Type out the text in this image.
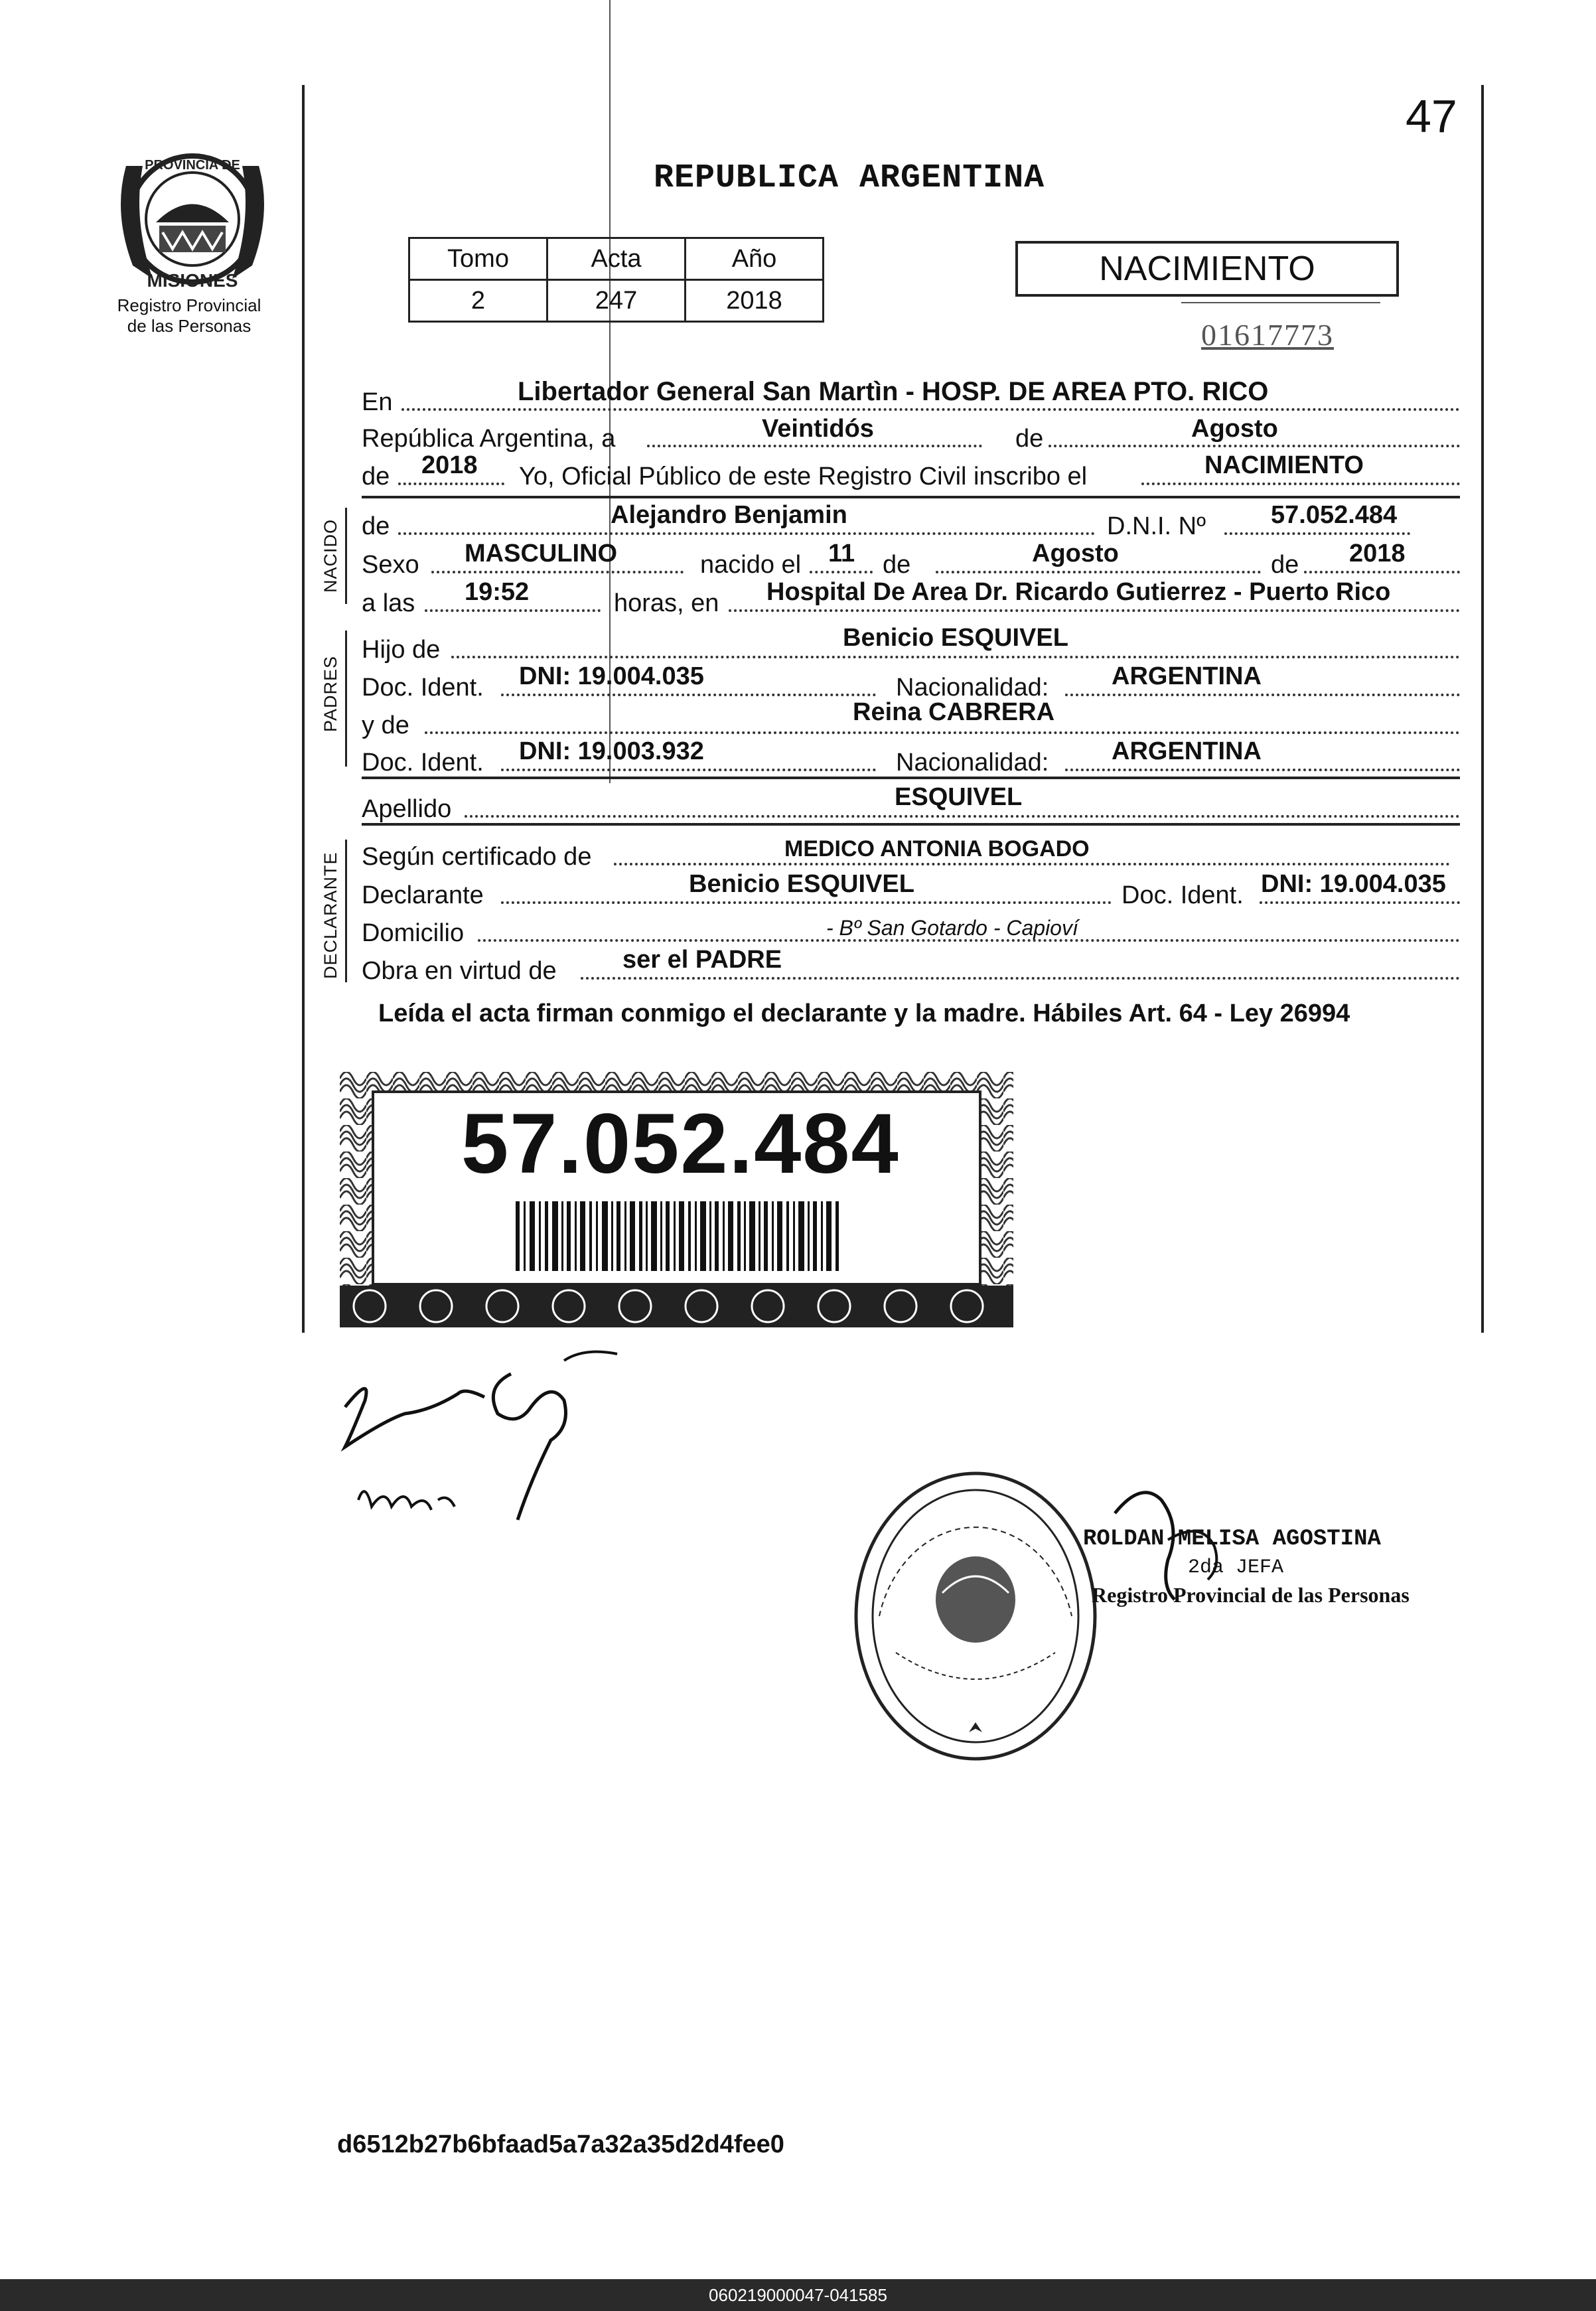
47
PROVINCIA DE
MISIONES
Registro Provincial
de las Personas
REPUBLICA ARGENTINA
Tomo	Acta	Año
2	247	2018
NACIMIENTO
01617773
En	Libertador General San Martìn - HOSP. DE AREA PTO. RICO
República Argentina, a	Veintidós	de	Agosto
de 2018 Yo, Oficial Público de este Registro Civil inscribo el	NACIMIENTO
NACIDO de	Alejandro Benjamin	D.N.I. Nº	57.052.484
Sexo MASCULINO	nacido el 11 de	Agosto	de 2018
a las 19:52	horas, en Hospital De Area Dr. Ricardo Gutierrez - Puerto Rico
PADRES
Hijo de	Benicio ESQUIVEL
Doc. Ident. DNI: 19.004.035	Nacionalidad: ARGENTINA
y de	Reina CABRERA
Doc. Ident. DNI: 19.003.932	Nacionalidad: ARGENTINA
Apellido	ESQUIVEL
DECLARANTE Según certificado de	MEDICO ANTONIA BOGADO
Declarante	Benicio ESQUIVEL	Doc. Ident. DNI: 19.004.035
Domicilio	- Bº San Gotardo - Capioví
Obra en virtud de	ser el PADRE
Leída el acta firman conmigo el declarante y la madre. Hábiles Art. 64 - Ley 26994
57.052.484
ROLDAN MELISA AGOSTINA
2da JEFA
Registro Provincial de las Personas
d6512b27b6bfaad5a7a32a35d2d4fee0
060219000047-041585
